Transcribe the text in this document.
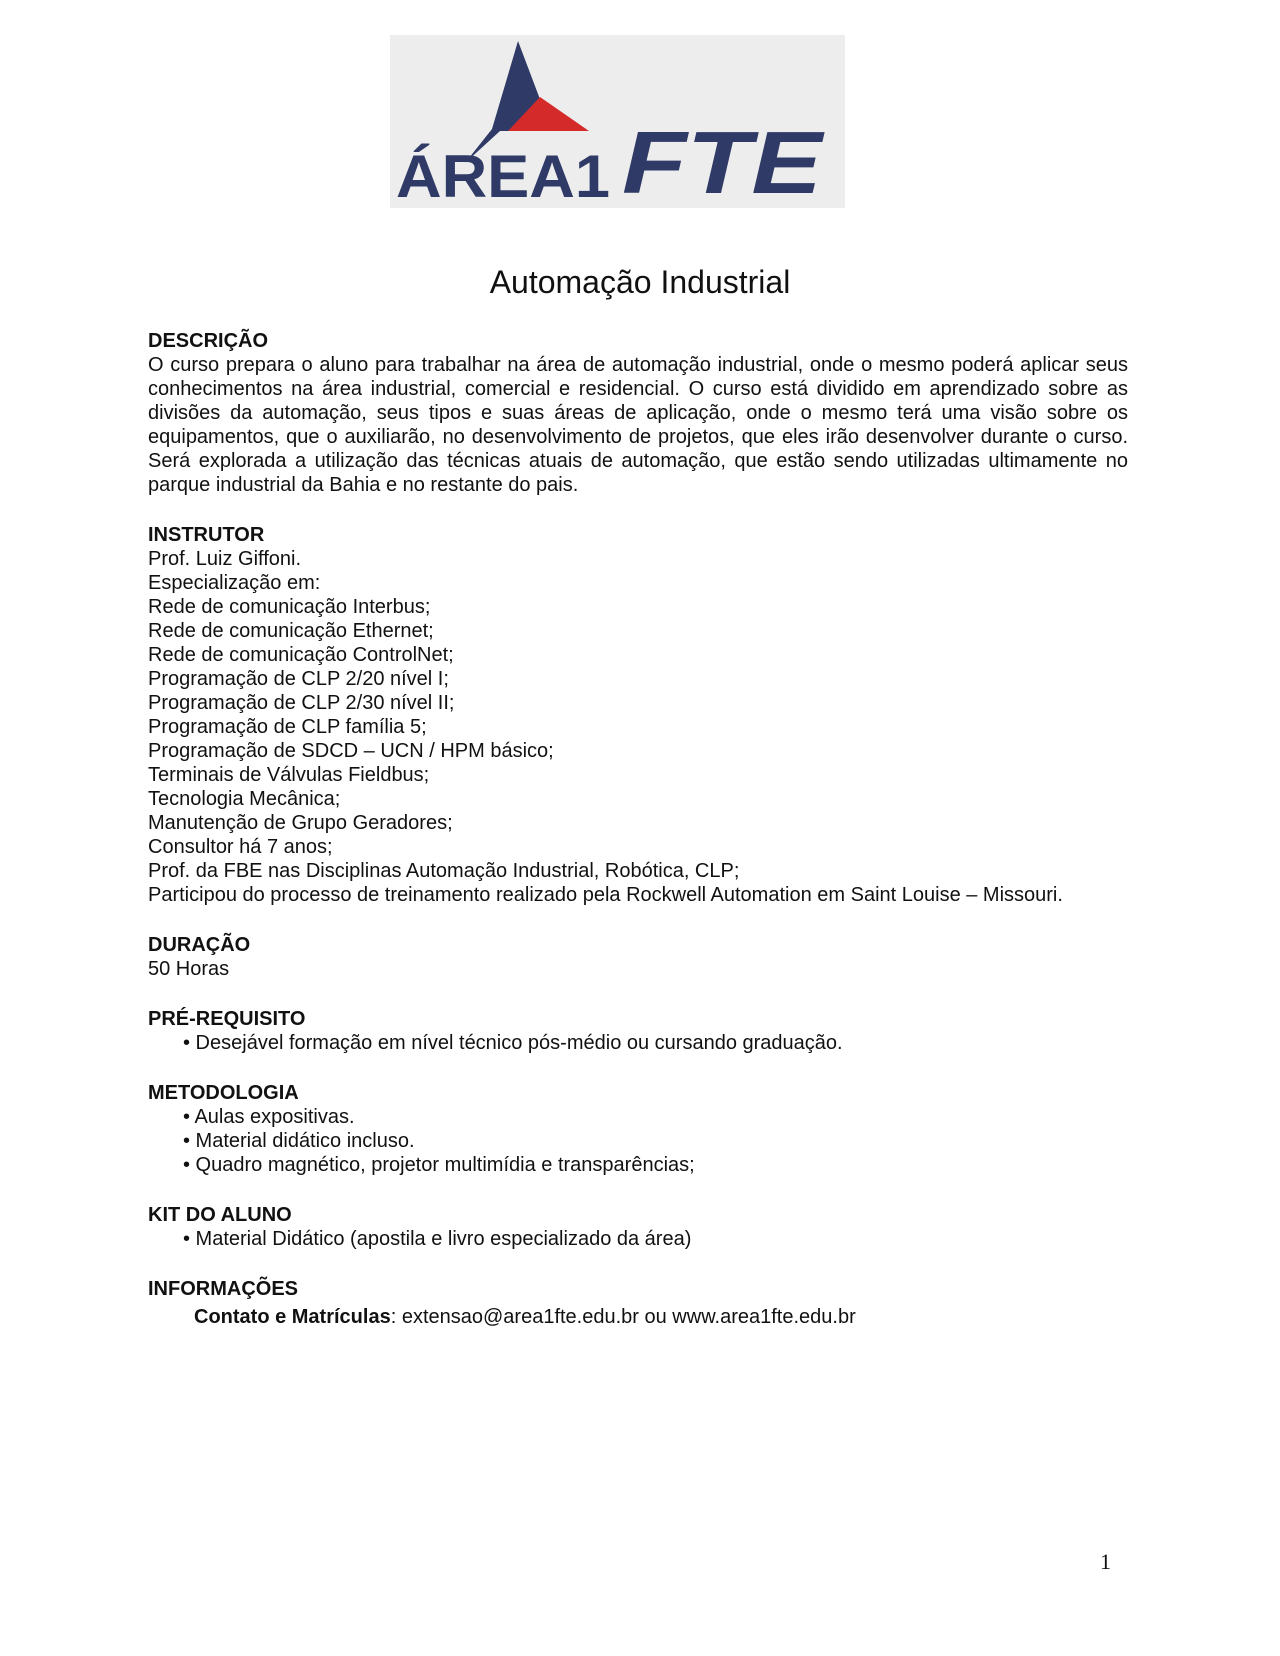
ÁREA1 FTE
Automação Industrial
DESCRIÇÃO
O curso prepara o aluno para trabalhar na área de automação industrial, onde o mesmo poderá aplicar seus conhecimentos na área industrial, comercial e residencial. O curso está dividido em aprendizado sobre as divisões da automação, seus tipos e suas áreas de aplicação, onde o mesmo terá uma visão sobre os equipamentos, que o auxiliarão, no desenvolvimento de projetos, que eles irão desenvolver durante o curso. Será explorada a utilização das técnicas atuais de automação, que estão sendo utilizadas ultimamente no parque industrial da Bahia e no restante do pais.
INSTRUTOR
Prof. Luiz Giffoni.
Especialização em:
Rede de comunicação Interbus;
Rede de comunicação Ethernet;
Rede de comunicação ControlNet;
Programação de CLP 2/20 nível I;
Programação de CLP 2/30 nível II;
Programação de CLP família 5;
Programação de SDCD – UCN / HPM básico;
Terminais de Válvulas Fieldbus;
Tecnologia Mecânica;
Manutenção de Grupo Geradores;
Consultor há 7 anos;
Prof. da FBE nas Disciplinas Automação Industrial, Robótica, CLP;
Participou do processo de treinamento realizado pela Rockwell Automation em Saint Louise – Missouri.
DURAÇÃO
50 Horas
PRÉ-REQUISITO
• Desejável formação em nível técnico pós-médio ou cursando graduação.
METODOLOGIA
• Aulas expositivas.
• Material didático incluso.
• Quadro magnético, projetor multimídia e transparências;
KIT DO ALUNO
• Material Didático (apostila e livro especializado da área)
INFORMAÇÕES
Contato e Matrículas: extensao@area1fte.edu.br ou www.area1fte.edu.br
1
